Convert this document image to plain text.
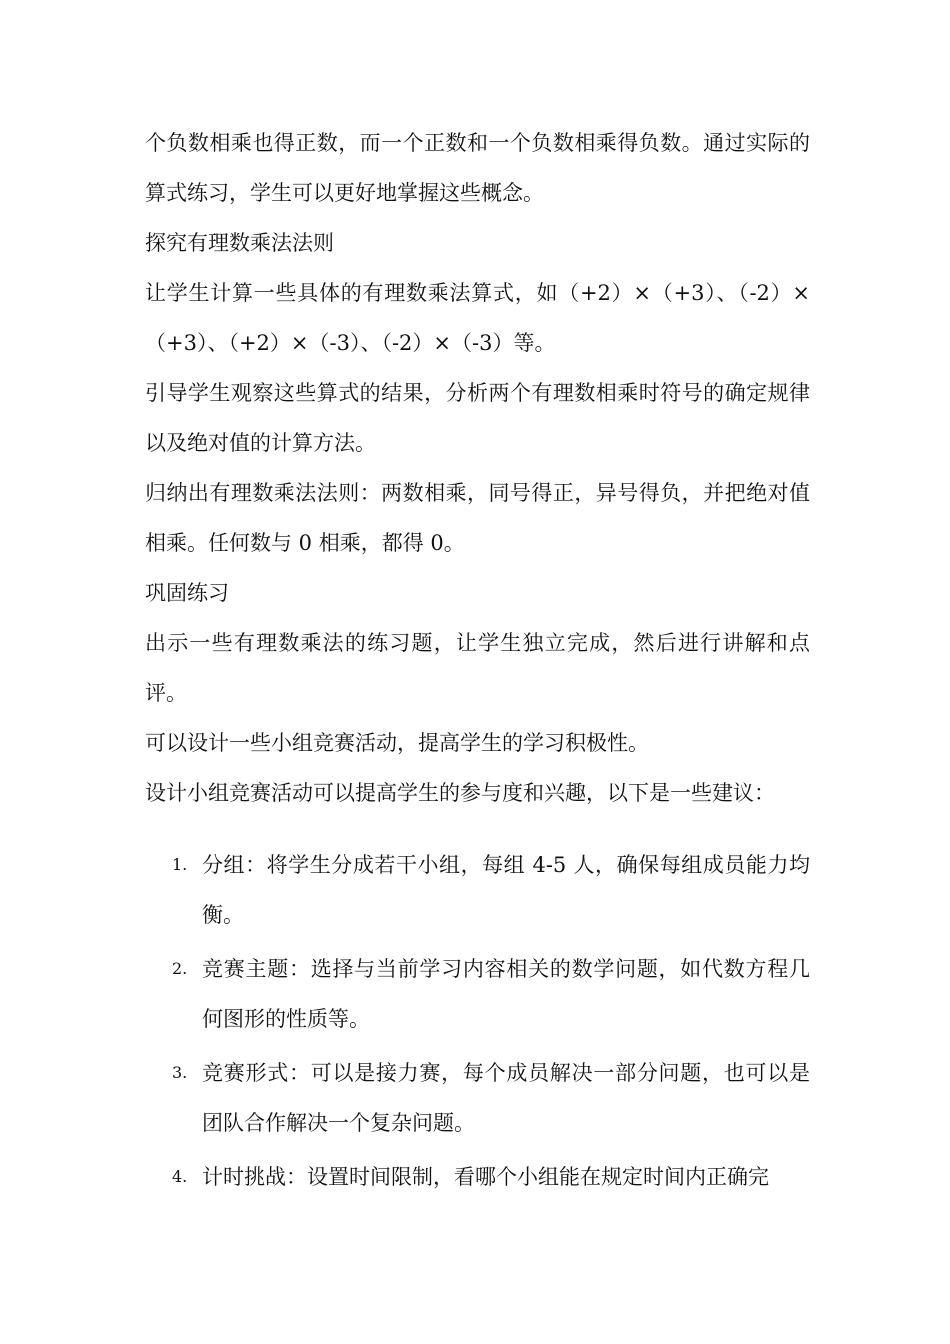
个负数相乘也得正数，而一个正数和一个负数相乘得负数。通过实际的算式练习，学生可以更好地掌握这些概念。

探究有理数乘法法则

让学生计算一些具体的有理数乘法算式，如（+2）×（+3）、（-2）×（+3）、（+2）×（-3）、（-2）×（-3）等。

引导学生观察这些算式的结果，分析两个有理数相乘时符号的确定规律以及绝对值的计算方法。

归纳出有理数乘法法则：两数相乘，同号得正，异号得负，并把绝对值相乘。任何数与 0 相乘，都得 0。

巩固练习

出示一些有理数乘法的练习题，让学生独立完成，然后进行讲解和点评。

可以设计一些小组竞赛活动，提高学生的学习积极性。

设计小组竞赛活动可以提高学生的参与度和兴趣，以下是一些建议：

1. 分组：将学生分成若干小组，每组 4-5 人，确保每组成员能力均衡。
2. 竞赛主题：选择与当前学习内容相关的数学问题，如代数方程几何图形的性质等。
3. 竞赛形式：可以是接力赛，每个成员解决一部分问题，也可以是团队合作解决一个复杂问题。
4. 计时挑战：设置时间限制，看哪个小组能在规定时间内正确完
